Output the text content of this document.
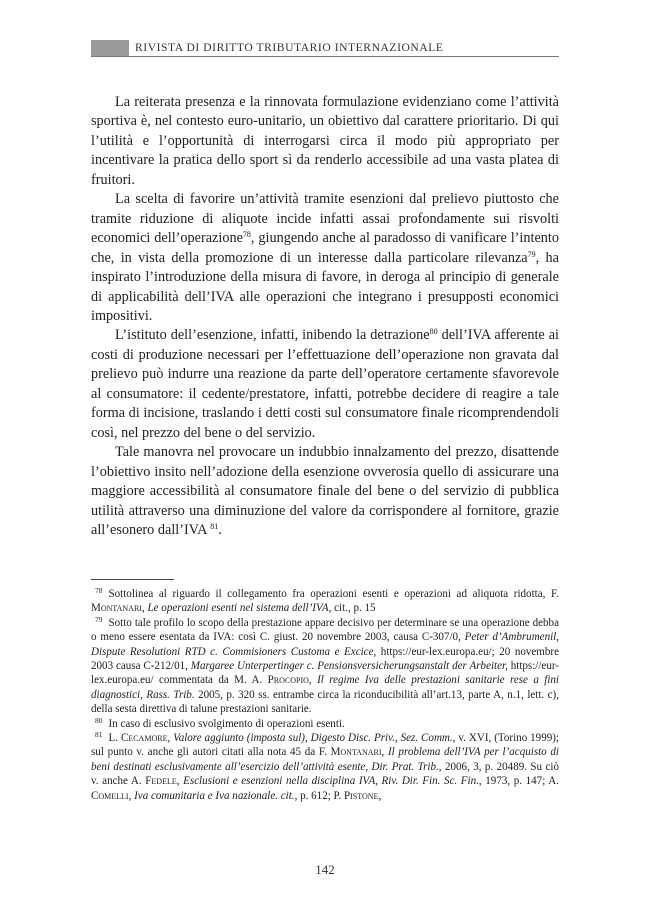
RIVISTA DI DIRITTO TRIBUTARIO INTERNAZIONALE

La reiterata presenza e la rinnovata formulazione evidenziano come l’attività sportiva è, nel contesto euro-unitario, un obiettivo dal carattere prioritario. Di qui l’utilità e l’opportunità di interrogarsi circa il modo più appropriato per incentivare la pratica dello sport sì da renderlo accessibile ad una vasta platea di fruitori.

La scelta di favorire un’attività tramite esenzioni dal prelievo piuttosto che tramite riduzione di aliquote incide infatti assai profondamente sui risvolti economici dell’operazione$^{78}$, giungendo anche al paradosso di vanificare l’intento che, in vista della promozione di un interesse dalla particolare rilevanza$^{79}$, ha inspirato l’introduzione della misura di favore, in deroga al principio di generale di applicabilità dell’IVA alle operazioni che integrano i presupposti economici impositivi.

L’istituto dell’esenzione, infatti, inibendo la detrazione$^{80}$ dell’IVA afferente ai costi di produzione necessari per l’effettuazione dell’operazione non gravata dal prelievo può indurre una reazione da parte dell’operatore certamente sfavorevole al consumatore: il cedente/prestatore, infatti, potrebbe decidere di reagire a tale forma di incisione, traslando i detti costi sul consumatore finale ricomprendendoli così, nel prezzo del bene o del servizio.

Tale manovra nel provocare un indubbio innalzamento del prezzo, disattende l’obiettivo insito nell’adozione della esenzione ovverosia quello di assicurare una maggiore accessibilità al consumatore finale del bene o del servizio di pubblica utilità attraverso una diminuzione del valore da corrispondere al fornitore, grazie all’esonero dall’IVA $^{81}$.

$^{78}$ Sottolinea al riguardo il collegamento fra operazioni esenti e operazioni ad aliquota ridotta, F. Montanari, Le operazioni esenti nel sistema dell’IVA, cit., p. 15

$^{79}$ Sotto tale profilo lo scopo della prestazione appare decisivo per determinare se una operazione debba o meno essere esentata da IVA: così C. giust. 20 novembre 2003, causa C-307/0, Peter d’Ambrumenil, Dispute Resolutioni RTD c. Commisioners Customa e Excice, https://eur-lex.europa.eu/; 20 novembre 2003 causa C-212/01, Margaree Unterpertinger c. Pensionsversicherungsanstalt der Arbeiter, https://eur-lex.europa.eu/ commentata da M. A. Procopio, Il regime Iva delle prestazioni sanitarie rese a fini diagnostici, Rass. Trib. 2005, p. 320 ss. entrambe circa la riconducibilità all’art.13, parte A, n.1, lett. c), della sesta direttiva di talune prestazioni sanitarie.

$^{80}$ In caso di esclusivo svolgimento di operazioni esenti.

$^{81}$ L. Cecamore, Valore aggiunto (imposta sul), Digesto Disc. Priv., Sez. Comm., v. XVI, (Torino 1999); sul punto v. anche gli autori citati alla nota 45 da F. Montanari, Il problema dell’IVA per l’acquisto di beni destinati esclusivamente all’esercizio dell’attività esente, Dir. Prat. Trib., 2006, 3, p. 20489. Su ciò v. anche A. Fedele, Esclusioni e esenzioni nella disciplina IVA, Riv. Dir. Fin. Sc. Fin., 1973, p. 147; A. Comelli, Iva comunitaria e Iva nazionale. cit., p. 612; P. Pistone,

142
